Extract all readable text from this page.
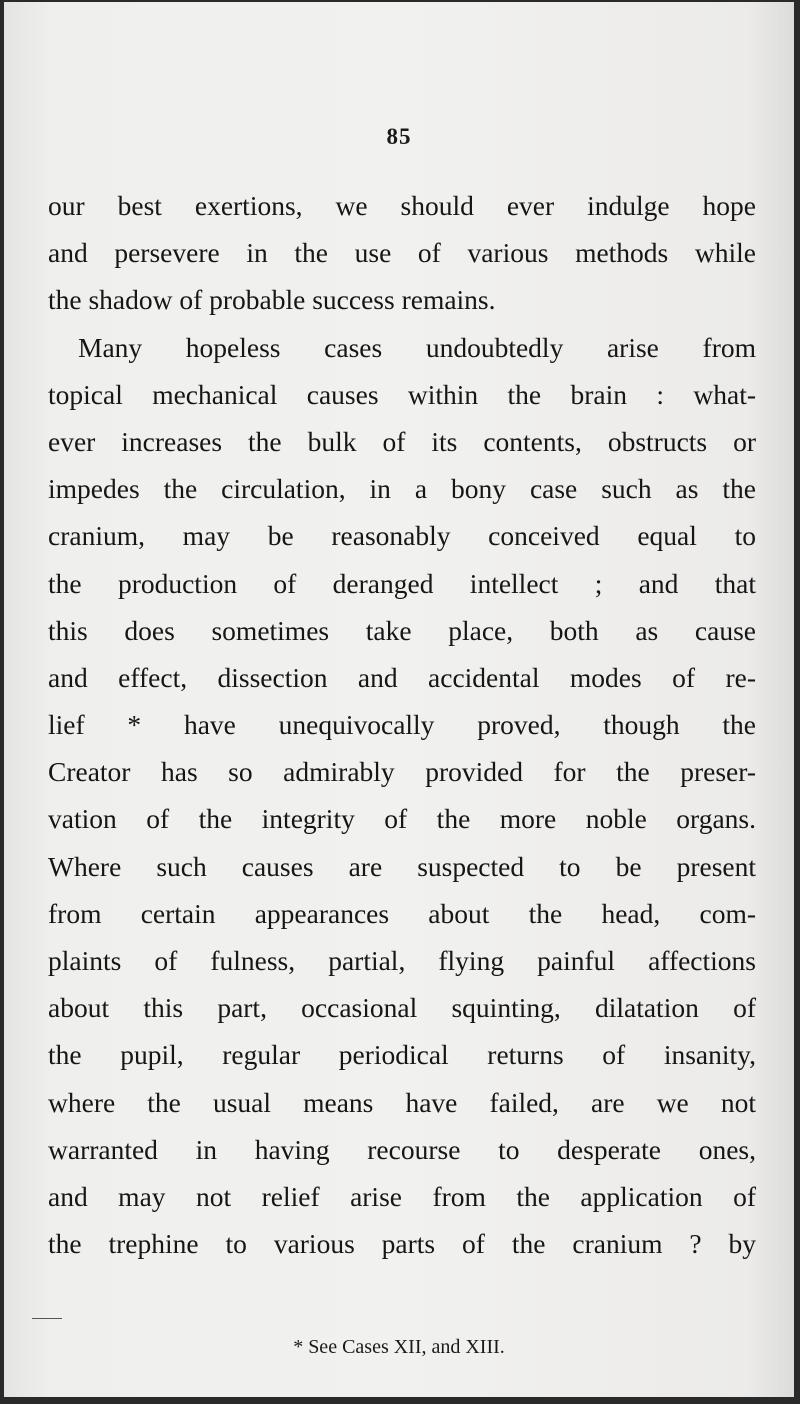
85
our best exertions, we should ever indulge hope
and persevere in the use of various methods while
the shadow of probable success remains.
Many hopeless cases undoubtedly arise from
topical mechanical causes within the brain : what-
ever increases the bulk of its contents, obstructs or
impedes the circulation, in a bony case such as the
cranium, may be reasonably conceived equal to
the production of deranged intellect ; and that
this does sometimes take place, both as cause
and effect, dissection and accidental modes of re-
lief * have unequivocally proved, though the
Creator has so admirably provided for the preser-
vation of the integrity of the more noble organs.
Where such causes are suspected to be present
from certain appearances about the head, com-
plaints of fulness, partial, flying painful affections
about this part, occasional squinting, dilatation of
the pupil, regular periodical returns of insanity,
where the usual means have failed, are we not
warranted in having recourse to desperate ones,
and may not relief arise from the application of
the trephine to various parts of the cranium ? by
* See Cases XII, and XIII.
